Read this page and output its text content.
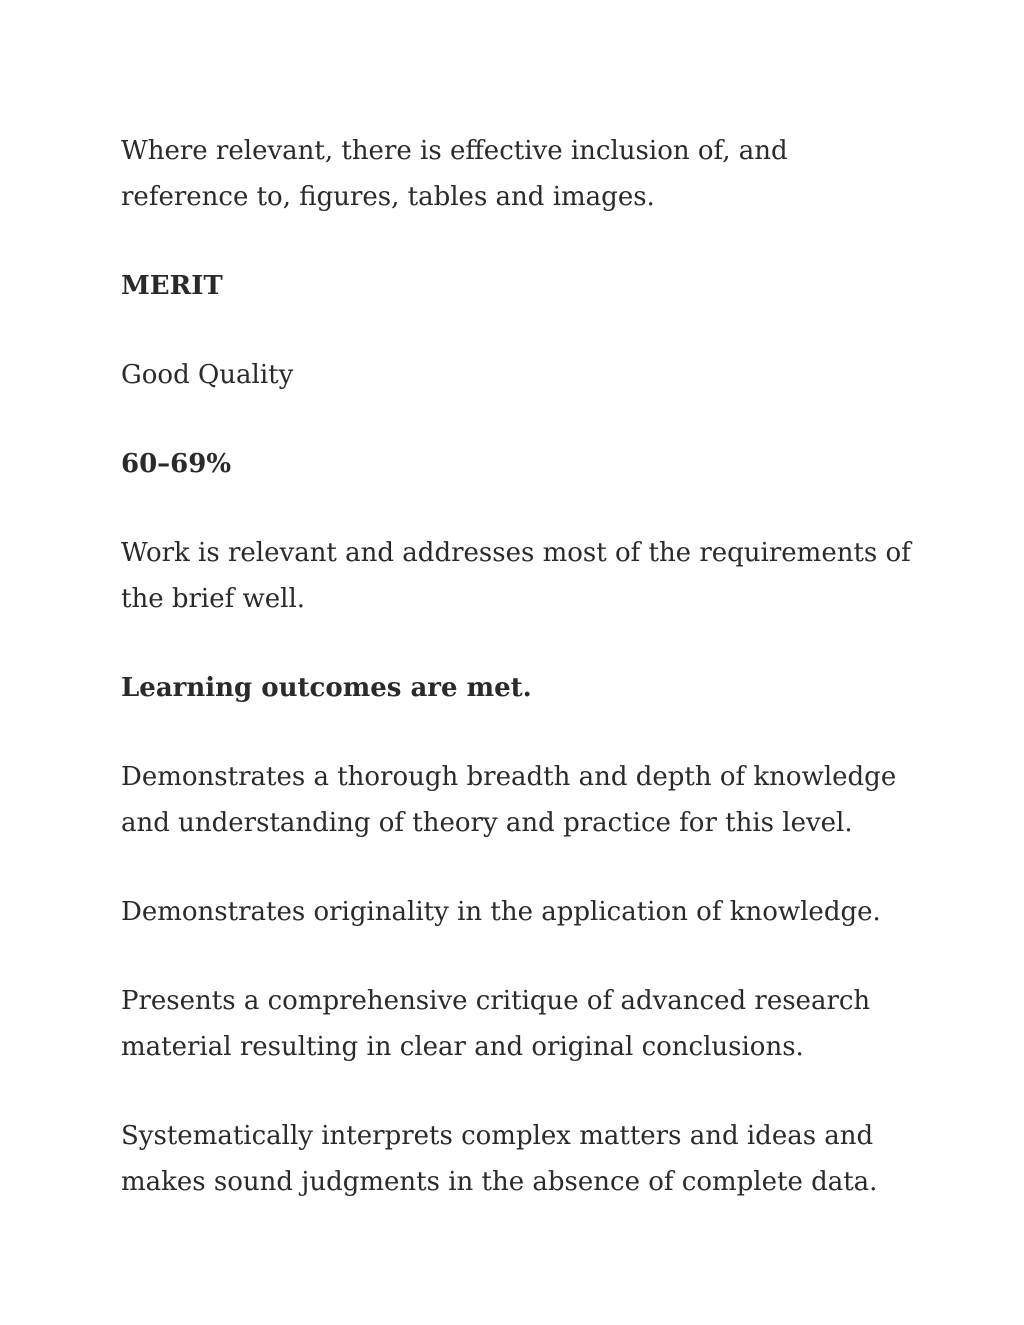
Where relevant, there is effective inclusion of, and reference to, figures, tables and images.

MERIT

Good Quality

60–69%

Work is relevant and addresses most of the requirements of the brief well.

Learning outcomes are met.

Demonstrates a thorough breadth and depth of knowledge and understanding of theory and practice for this level.

Demonstrates originality in the application of knowledge.

Presents a comprehensive critique of advanced research material resulting in clear and original conclusions.

Systematically interprets complex matters and ideas and makes sound judgments in the absence of complete data.
